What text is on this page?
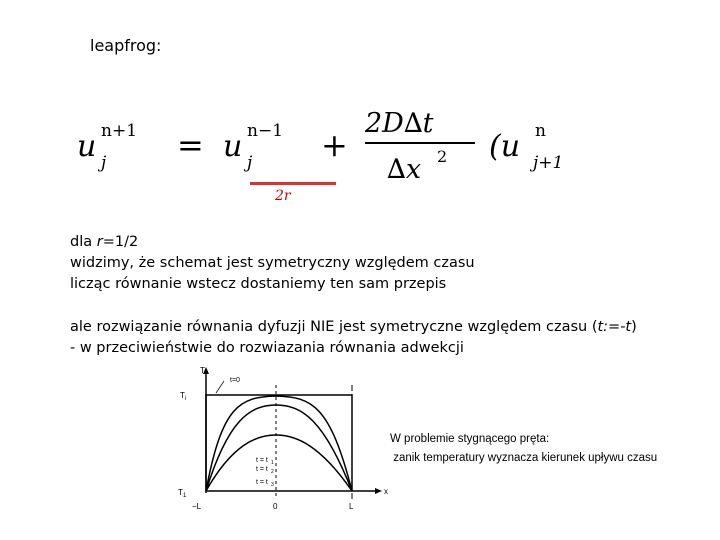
leapfrog:
u n+1
j = u n−1
j +
2D∆t
∆x 2 (u n
j+1
2r
dla r=1/2
widzimy, że schemat jest symetryczny względem czasu
licząc równanie wstecz dostaniemy ten sam przepis
ale rozwiązanie równania dyfuzji NIE jest symetryczne względem czasu (t:=-t)
- w przeciwieństwie do rozwiazania równania adwekcji
T
x
T i
T 1
−L	0	L
t=0
t = t 1
t = t 2
t = t 3
W problemie stygnącego pręta:
zanik temperatury wyznacza kierunek upływu czasu
